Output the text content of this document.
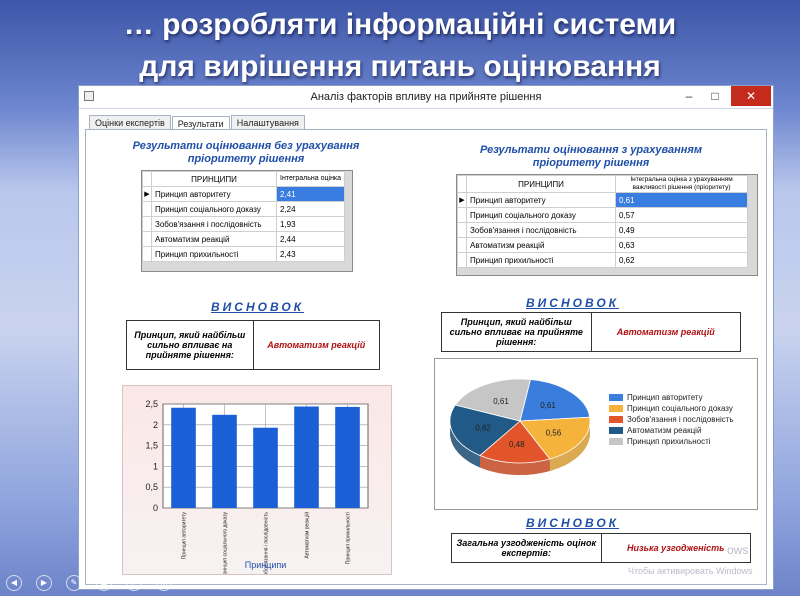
… розробляти інформаційні системи
для вирішення питань оцінювання
Аналіз факторів впливу на прийняте рішення	–	□	✕
Оцінки експертів Результати Налаштування
Результати оцінювання без урахування пріоритету рішення
	ПРИНЦИПИ	Інтегральна оцінка
▶	Принцип авторитету	2,41
	Принцип соціального доказу	2,24
	Зобов'язання і послідовність	1,93
	Автоматизм реакцій	2,44
	Принцип прихильності	2,43
ВИСНОВОК
Принцип, який найбільш сильно впливає на прийняте рішення:	Автоматизм реакцій
0
0,5
1
1,5
2
2,5
Принцип авторитету	Принцип соціального доказу	Зобов'язання і послідовність	Автоматизм реакцій	Принцип прихильності
Принципи
Результати оцінювання з урахуванням пріоритету рішення
	ПРИНЦИПИ	Інтегральна оцінка з урахуванням важливості рішення (пріоритету)
▶	Принцип авторитету	0,61
	Принцип соціального доказу	0,57
	Зобов'язання і послідовність	0,49
	Автоматизм реакцій	0,63
	Принцип прихильності	0,62
ВИСНОВОК
Принцип, який найбільш сильно впливає на прийняте рішення:	Автоматизм реакцій
0,61
0,56
0,48
0,62
0,61	Принцип авторитету
Принцип соціального доказу
Зобов'язання і послідовність
Автоматизм реакцій
Принцип прихильності
ВИСНОВОК
Загальна узгодженість оцінок експертів:	Низька узгодженість ows
Чтобы активировать Windows
◀	▶	✎	▦	⌕	…
